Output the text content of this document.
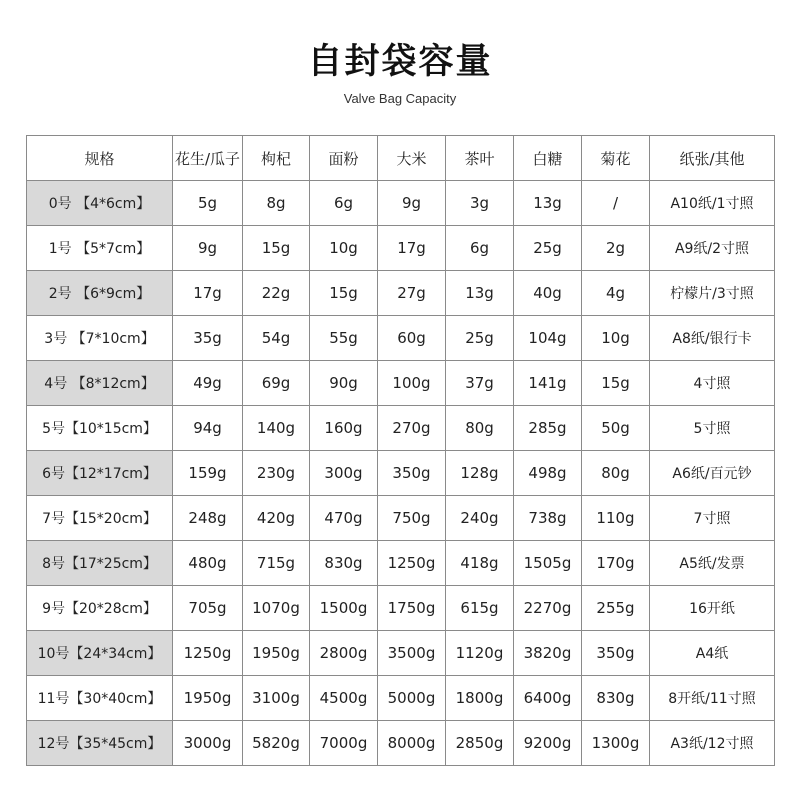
自封袋容量
Valve Bag Capacity
规格	花生/瓜子	枸杞	面粉	大米	茶叶	白糖	菊花	纸张/其他
0号 【4*6cm】	5g	8g	6g	9g	3g	13g	/	A10纸/1寸照
1号 【5*7cm】	9g	15g	10g	17g	6g	25g	2g	A9纸/2寸照
2号 【6*9cm】	17g	22g	15g	27g	13g	40g	4g	柠檬片/3寸照
3号 【7*10cm】	35g	54g	55g	60g	25g	104g	10g	A8纸/银行卡
4号 【8*12cm】	49g	69g	90g	100g	37g	141g	15g	4寸照
5号【10*15cm】	94g	140g	160g	270g	80g	285g	50g	5寸照
6号【12*17cm】	159g	230g	300g	350g	128g	498g	80g	A6纸/百元钞
7号【15*20cm】	248g	420g	470g	750g	240g	738g	110g	7寸照
8号【17*25cm】	480g	715g	830g	1250g	418g	1505g	170g	A5纸/发票
9号【20*28cm】	705g	1070g	1500g	1750g	615g	2270g	255g	16开纸
10号【24*34cm】	1250g	1950g	2800g	3500g	1120g	3820g	350g	A4纸
11号【30*40cm】	1950g	3100g	4500g	5000g	1800g	6400g	830g	8开纸/11寸照
12号【35*45cm】	3000g	5820g	7000g	8000g	2850g	9200g	1300g	A3纸/12寸照
